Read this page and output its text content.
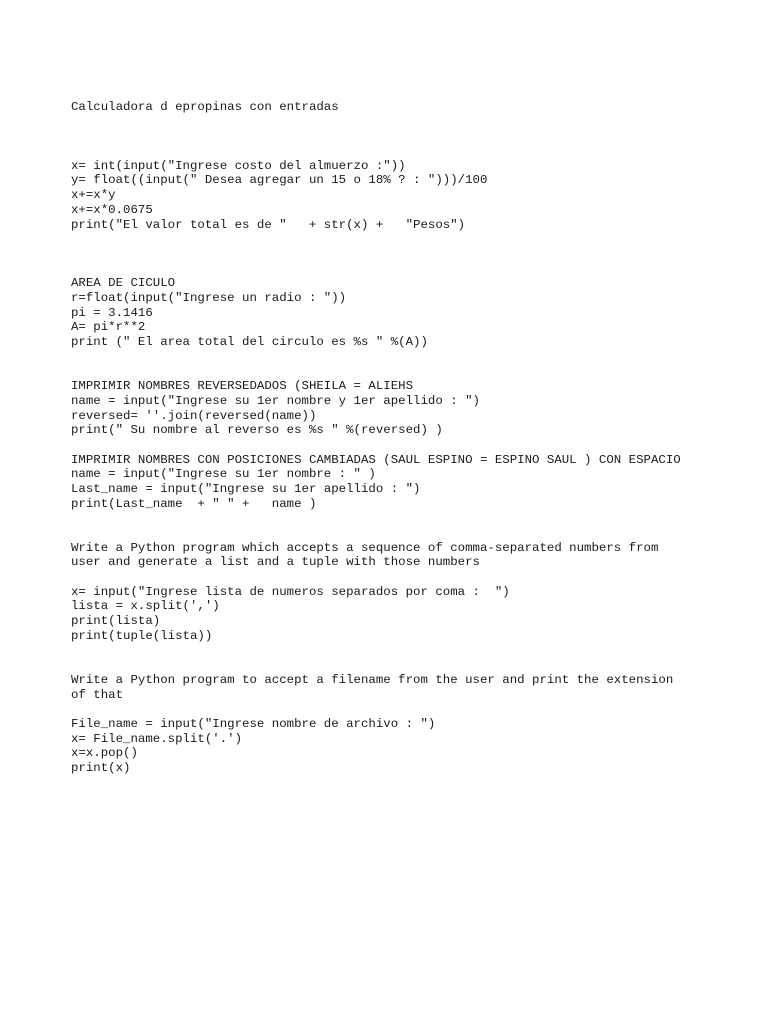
Calculadora d epropinas con entradas
x= int(input("Ingrese costo del almuerzo :"))
y= float((input(" Desea agregar un 15 o 18% ? : ")))/100
x+=x*y
x+=x*0.0675
print("El valor total es de "   + str(x) +   "Pesos")
AREA DE CICULO
r=float(input("Ingrese un radio : "))
pi = 3.1416
A= pi*r**2
print (" El area total del circulo es %s " %(A))
IMPRIMIR NOMBRES REVERSEDADOS (SHEILA = ALIEHS
name = input("Ingrese su 1er nombre y 1er apellido : ")
reversed= ''.join(reversed(name))
print(" Su nombre al reverso es %s " %(reversed) )
IMPRIMIR NOMBRES CON POSICIONES CAMBIADAS (SAUL ESPINO = ESPINO SAUL ) CON ESPACIO
name = input("Ingrese su 1er nombre : " )
Last_name = input("Ingrese su 1er apellido : ")
print(Last_name  + " " +   name )
Write a Python program which accepts a sequence of comma-separated numbers from
user and generate a list and a tuple with those numbers
x= input("Ingrese lista de numeros separados por coma :  ")
lista = x.split(',')
print(lista)
print(tuple(lista))
Write a Python program to accept a filename from the user and print the extension
of that
File_name = input("Ingrese nombre de archivo : ")
x= File_name.split('.')
x=x.pop()
print(x)
